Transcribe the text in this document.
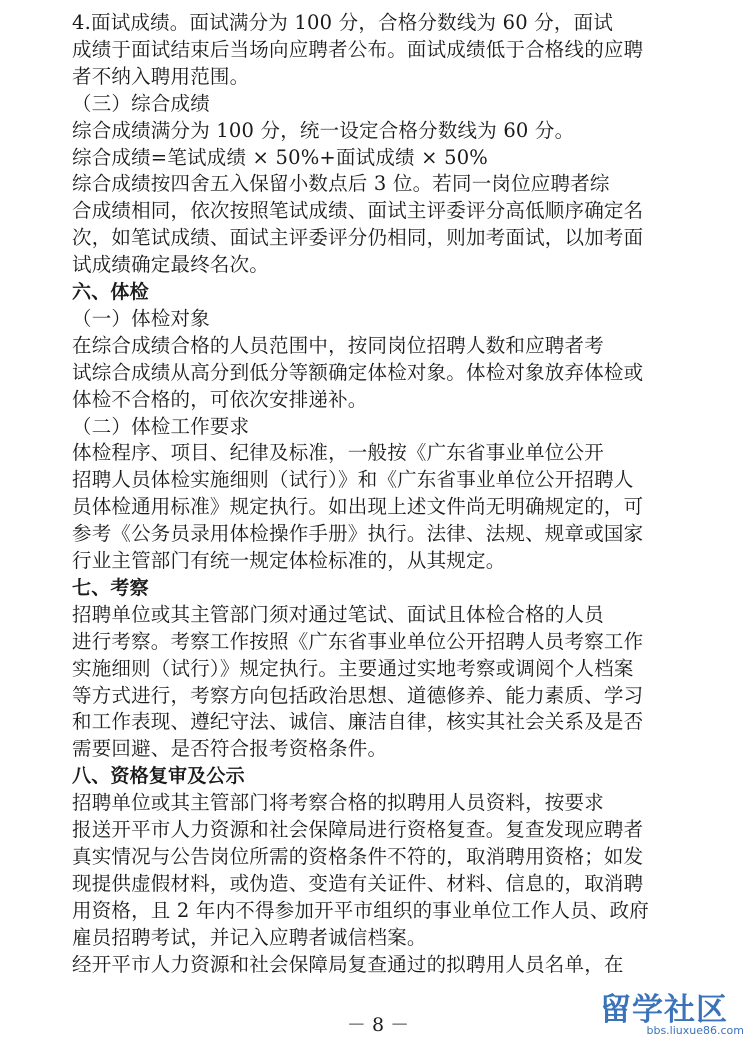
4.面试成绩。面试满分为 100 分，合格分数线为 60 分，面试
成绩于面试结束后当场向应聘者公布。面试成绩低于合格线的应聘
者不纳入聘用范围。
（三）综合成绩
综合成绩满分为 100 分，统一设定合格分数线为 60 分。
综合成绩=笔试成绩 × 50%+面试成绩 × 50%
综合成绩按四舍五入保留小数点后 3 位。若同一岗位应聘者综
合成绩相同，依次按照笔试成绩、面试主评委评分高低顺序确定名
次，如笔试成绩、面试主评委评分仍相同，则加考面试，以加考面
试成绩确定最终名次。
六、体检
（一）体检对象
在综合成绩合格的人员范围中，按同岗位招聘人数和应聘者考
试综合成绩从高分到低分等额确定体检对象。体检对象放弃体检或
体检不合格的，可依次安排递补。
（二）体检工作要求
体检程序、项目、纪律及标准，一般按《广东省事业单位公开
招聘人员体检实施细则（试行）》和《广东省事业单位公开招聘人
员体检通用标准》规定执行。如出现上述文件尚无明确规定的，可
参考《公务员录用体检操作手册》执行。法律、法规、规章或国家
行业主管部门有统一规定体检标准的，从其规定。
七、考察
招聘单位或其主管部门须对通过笔试、面试且体检合格的人员
进行考察。考察工作按照《广东省事业单位公开招聘人员考察工作
实施细则（试行）》规定执行。主要通过实地考察或调阅个人档案
等方式进行，考察方向包括政治思想、道德修养、能力素质、学习
和工作表现、遵纪守法、诚信、廉洁自律，核实其社会关系及是否
需要回避、是否符合报考资格条件。
八、资格复审及公示
招聘单位或其主管部门将考察合格的拟聘用人员资料，按要求
报送开平市人力资源和社会保障局进行资格复查。复查发现应聘者
真实情况与公告岗位所需的资格条件不符的，取消聘用资格；如发
现提供虚假材料，或伪造、变造有关证件、材料、信息的，取消聘
用资格，且 2 年内不得参加开平市组织的事业单位工作人员、政府
雇员招聘考试，并记入应聘者诚信档案。
经开平市人力资源和社会保障局复查通过的拟聘用人员名单，在
－ 8 －	留学社区
bbs.liuxue86.com
